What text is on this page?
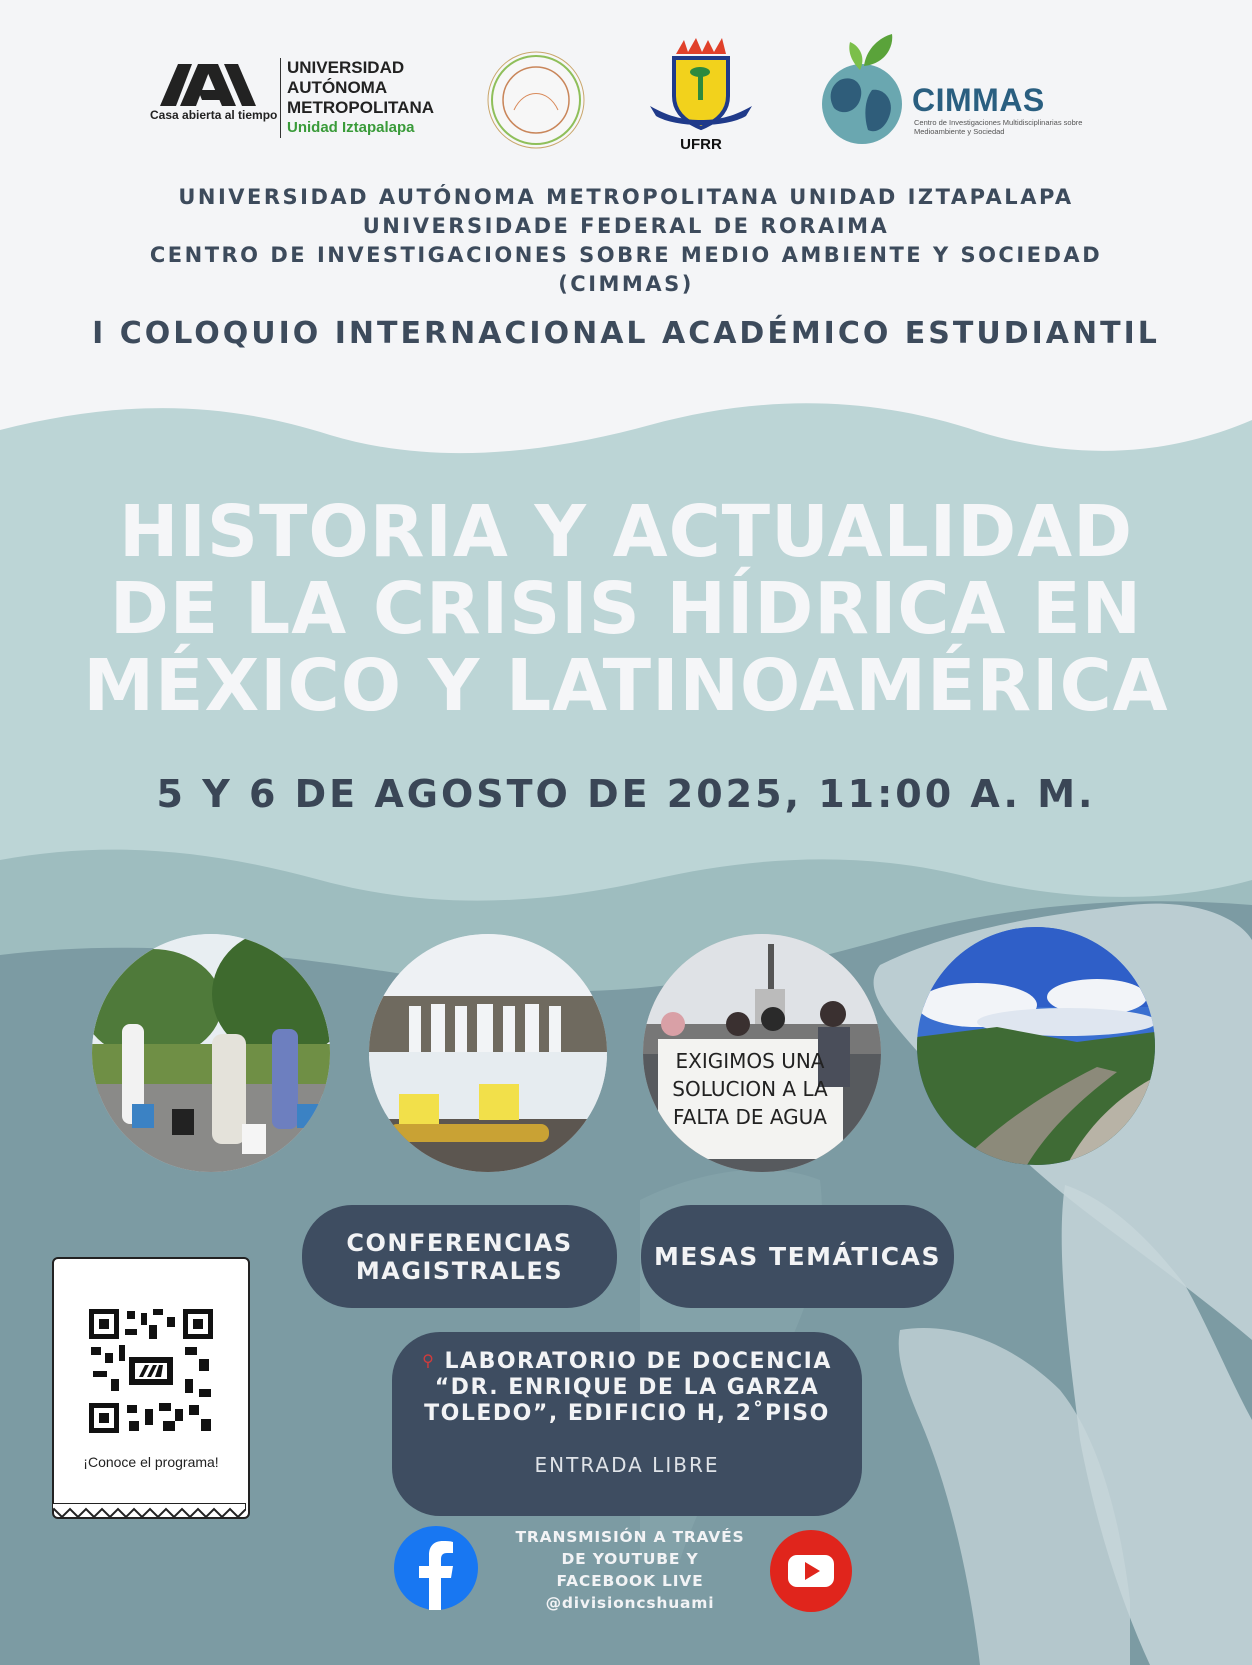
Casa abierta al tiempo
UNIVERSIDAD
AUTÓNOMA
METROPOLITANA
Unidad Iztapalapa
UFRR
CIMMAS
Centro de Investigaciones Multidisciplinarias sobre Medioambiente y Sociedad
UNIVERSIDAD AUTÓNOMA METROPOLITANA UNIDAD IZTAPALAPA
UNIVERSIDADE FEDERAL DE RORAIMA
CENTRO DE INVESTIGACIONES SOBRE MEDIO AMBIENTE Y SOCIEDAD
(CIMMAS)
I COLOQUIO INTERNACIONAL ACADÉMICO ESTUDIANTIL
HISTORIA Y ACTUALIDAD
DE LA CRISIS HÍDRICA EN
MÉXICO Y LATINOAMÉRICA
5 Y 6 DE AGOSTO DE 2025, 11:00 A. M.
EXIGIMOS UNA
SOLUCION A LA
FALTA DE AGUA
CONFERENCIAS
MAGISTRALES	MESAS TEMÁTICAS
⚲ LABORATORIO DE DOCENCIA
“DR. ENRIQUE DE LA GARZA
TOLEDO”, EDIFICIO H, 2˚PISO
ENTRADA LIBRE
¡Conoce el programa!
TRANSMISIÓN A TRAVÉS
DE YOUTUBE Y
FACEBOOK LIVE
@divisioncshuami
